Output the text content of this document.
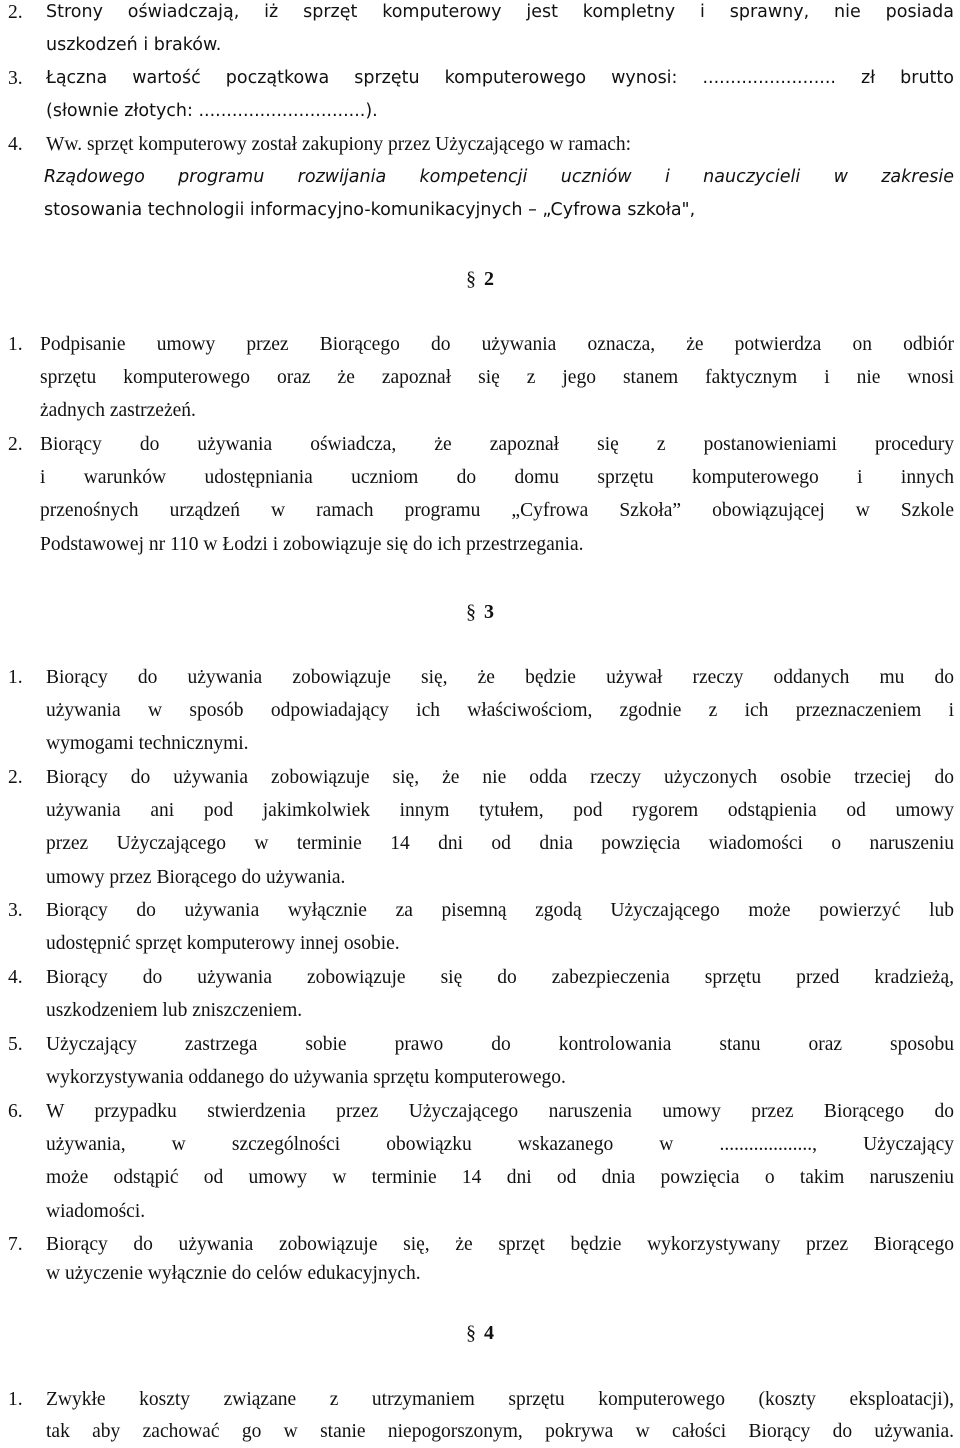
2. Strony oświadczają, iż sprzęt komputerowy jest kompletny i sprawny, nie posiada
uszkodzeń i braków.
3. Łączna wartość początkowa sprzętu komputerowego wynosi: ........................ zł brutto
(słownie złotych: ..............................).
4. Ww. sprzęt komputerowy został zakupiony przez Użyczającego w ramach:
Rządowego programu rozwijania kompetencji uczniów i nauczycieli w zakresie
stosowania technologii informacyjno-komunikacyjnych – „Cyfrowa szkoła",
§ 2
1. Podpisanie umowy przez Biorącego do używania oznacza, że potwierdza on odbiór
sprzętu komputerowego oraz że zapoznał się z jego stanem faktycznym i nie wnosi
żadnych zastrzeżeń.
2. Biorący do używania oświadcza, że zapoznał się z postanowieniami procedury
i warunków udostępniania uczniom do domu sprzętu komputerowego i innych
przenośnych urządzeń w ramach programu „Cyfrowa Szkoła” obowiązującej w Szkole
Podstawowej nr 110 w Łodzi i zobowiązuje się do ich przestrzegania.
§ 3
1. Biorący do używania zobowiązuje się, że będzie używał rzeczy oddanych mu do
używania w sposób odpowiadający ich właściwościom, zgodnie z ich przeznaczeniem i
wymogami technicznymi.
2. Biorący do używania zobowiązuje się, że nie odda rzeczy użyczonych osobie trzeciej do
używania ani pod jakimkolwiek innym tytułem, pod rygorem odstąpienia od umowy
przez Użyczającego w terminie 14 dni od dnia powzięcia wiadomości o naruszeniu
umowy przez Biorącego do używania.
3. Biorący do używania wyłącznie za pisemną zgodą Użyczającego może powierzyć lub
udostępnić sprzęt komputerowy innej osobie.
4. Biorący do używania zobowiązuje się do zabezpieczenia sprzętu przed kradzieżą,
uszkodzeniem lub zniszczeniem.
5. Użyczający zastrzega sobie prawo do kontrolowania stanu oraz sposobu
wykorzystywania oddanego do używania sprzętu komputerowego.
6. W przypadku stwierdzenia przez Użyczającego naruszenia umowy przez Biorącego do
używania, w szczególności obowiązku wskazanego w ..................., Użyczający
może odstąpić od umowy w terminie 14 dni od dnia powzięcia o takim naruszeniu
wiadomości.
7. Biorący do używania zobowiązuje się, że sprzęt będzie wykorzystywany przez Biorącego
w użyczenie wyłącznie do celów edukacyjnych.
§ 4
1. Zwykłe koszty związane z utrzymaniem sprzętu komputerowego (koszty eksploatacji),
tak aby zachować go w stanie niepogorszonym, pokrywa w całości Biorący do używania.
